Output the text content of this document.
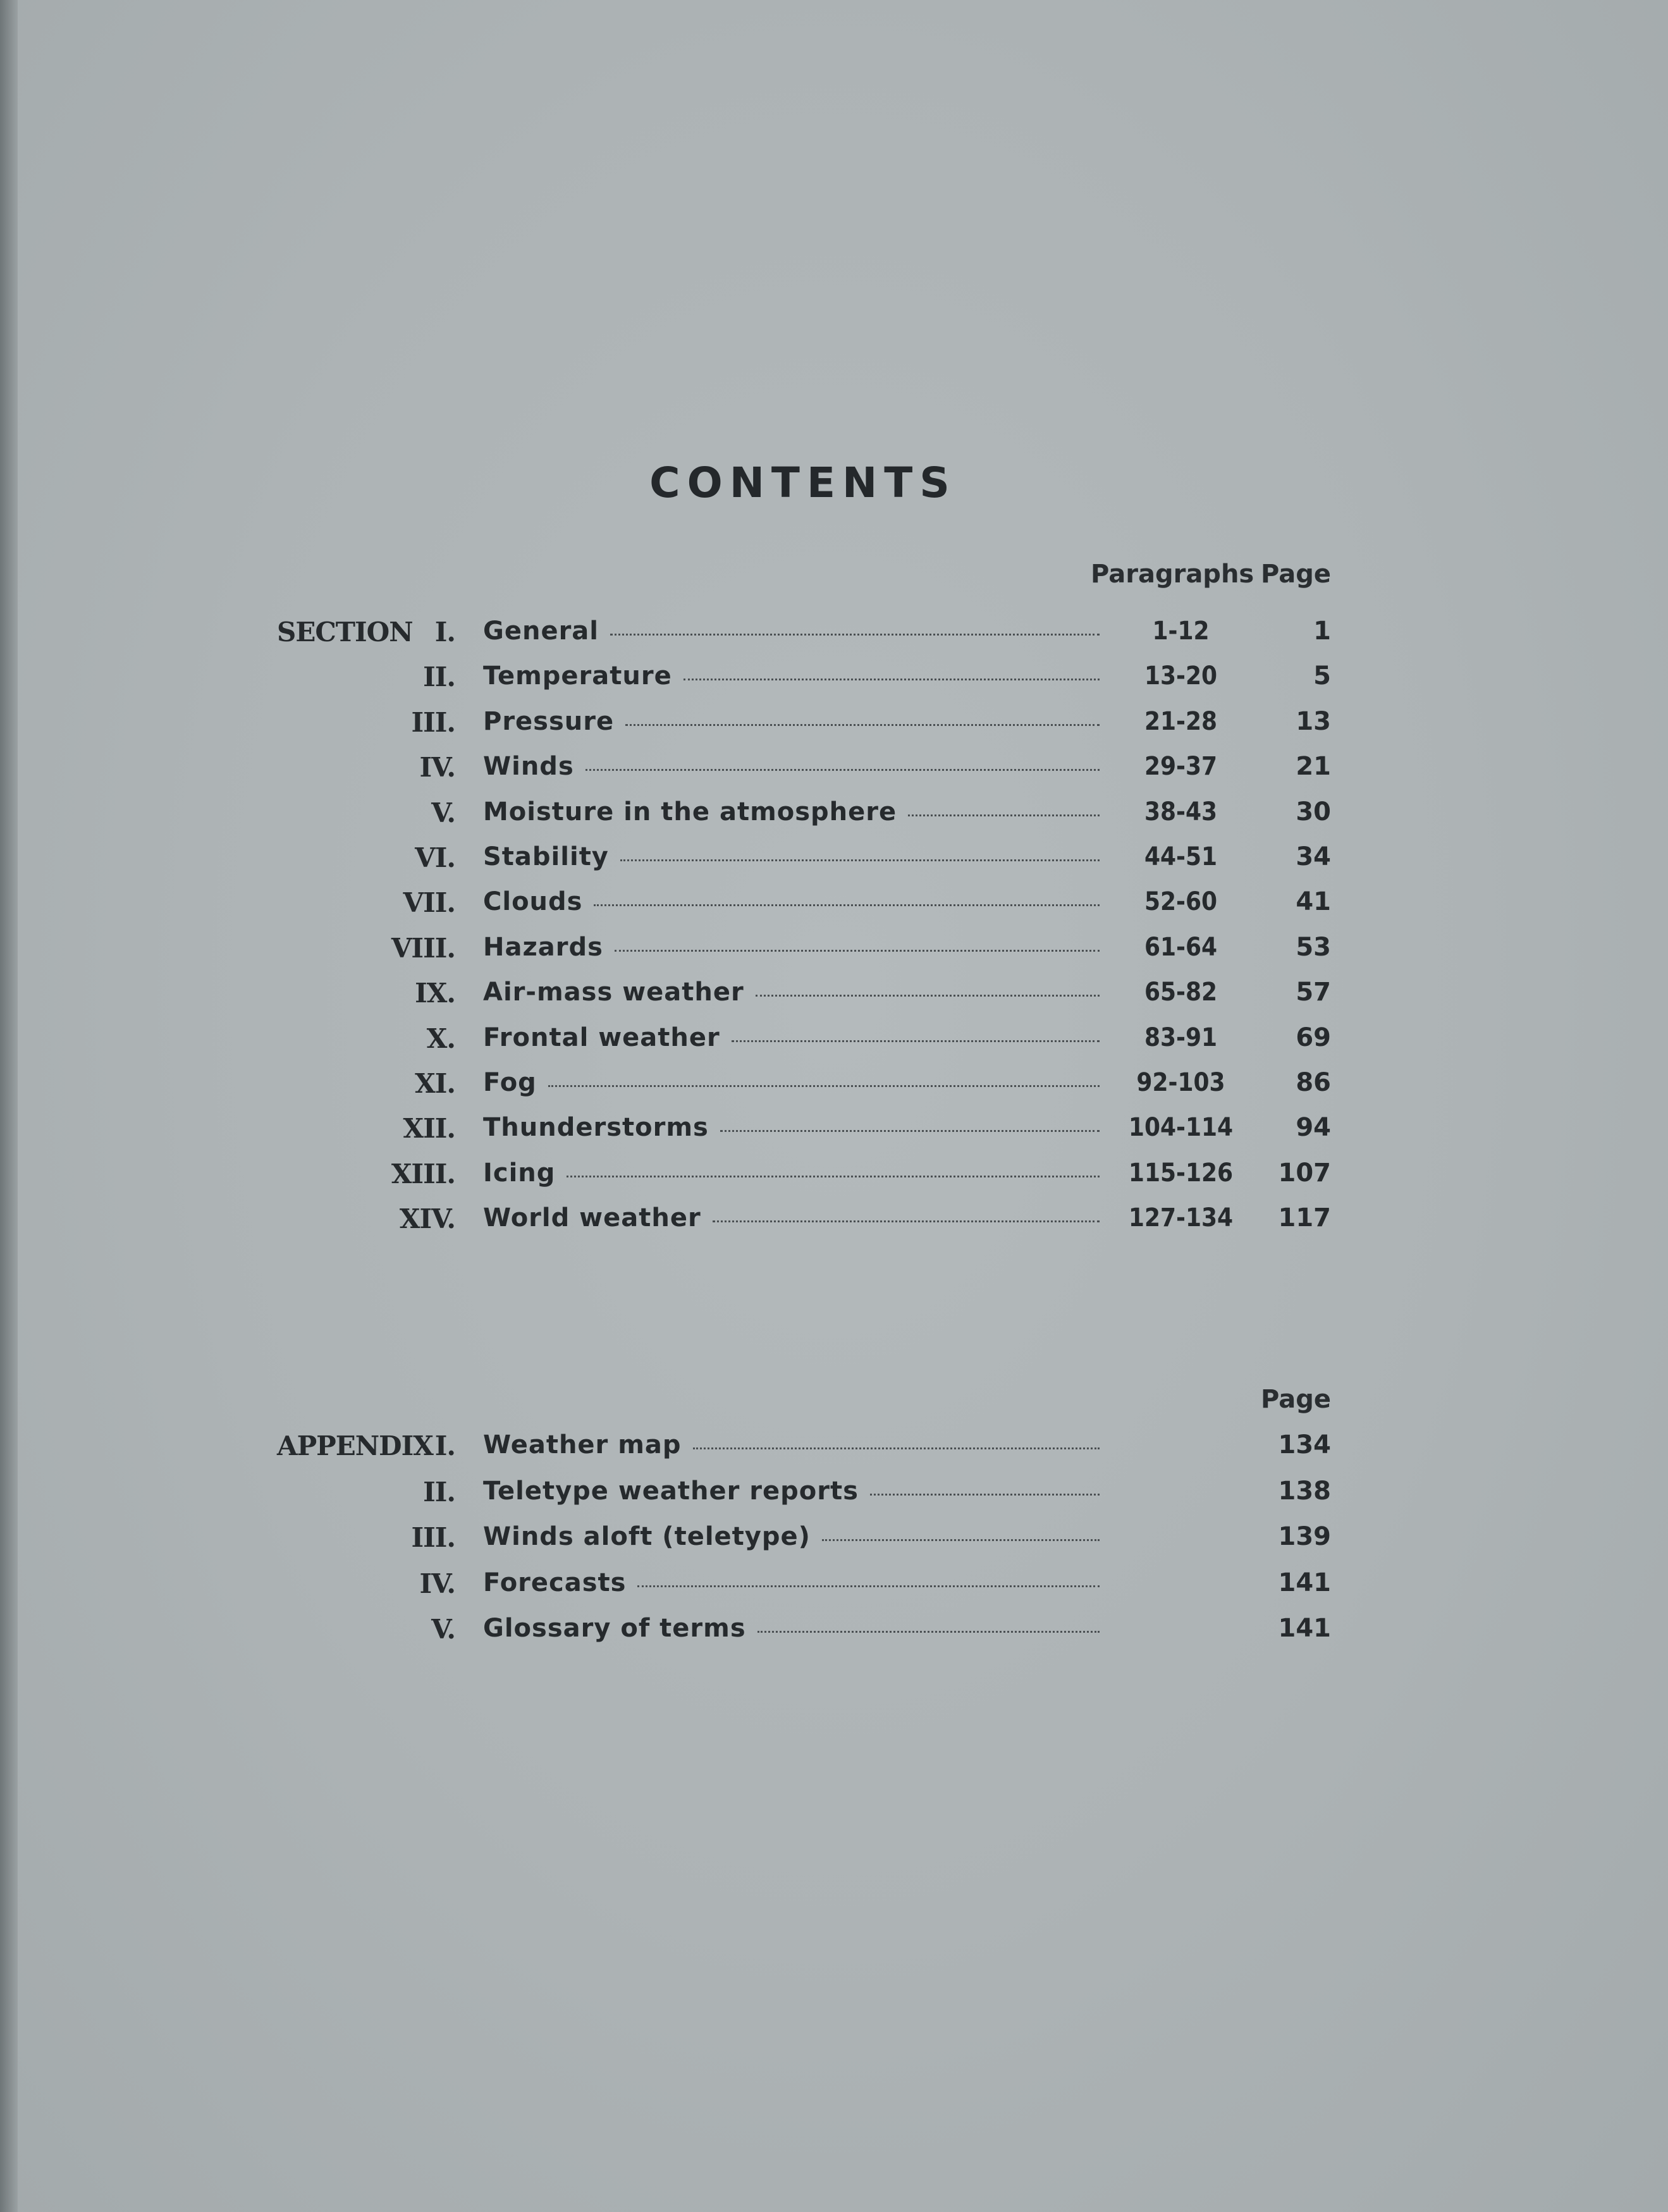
CONTENTS
Paragraphs Page
SECTION I. General	1-12	1
II. Temperature	13-20	5
III. Pressure	21-28	13
IV. Winds	29-37	21
V. Moisture in the atmosphere	38-43	30
VI. Stability	44-51	34
VII. Clouds	52-60	41
VIII. Hazards	61-64	53
IX. Air-mass weather	65-82	57
X. Frontal weather	83-91	69
XI. Fog	92-103	86
XII. Thunderstorms	104-114	94
XIII. Icing	115-126	107
XIV. World weather	127-134	117
Page
APPENDIX I. Weather map	134
II. Teletype weather reports	138
III. Winds aloft (teletype)	139
IV. Forecasts	141
V. Glossary of terms	141
